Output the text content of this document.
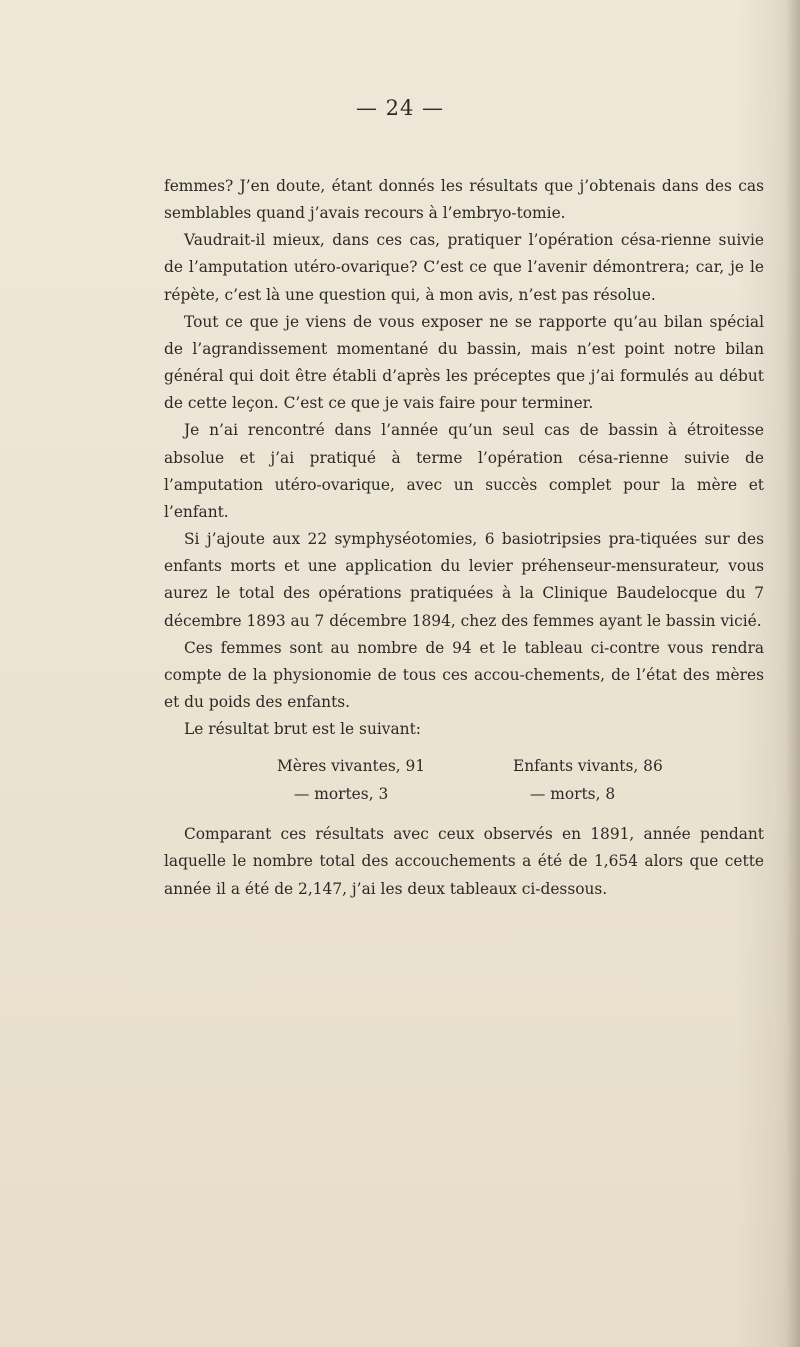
— 24 —

femmes? J’en doute, étant donnés les résultats que j’obtenais dans des cas semblables quand j’avais recours à l’embryo-tomie.

Vaudrait-il mieux, dans ces cas, pratiquer l’opération césa-rienne suivie de l’amputation utéro-ovarique? C’est ce que l’avenir démontrera; car, je le répète, c’est là une question qui, à mon avis, n’est pas résolue.

Tout ce que je viens de vous exposer ne se rapporte qu’au bilan spécial de l’agrandissement momentané du bassin, mais n’est point notre bilan général qui doit être établi d’après les préceptes que j’ai formulés au début de cette leçon. C’est ce que je vais faire pour terminer.

Je n’ai rencontré dans l’année qu’un seul cas de bassin à étroitesse absolue et j’ai pratiqué à terme l’opération césa-rienne suivie de l’amputation utéro-ovarique, avec un succès complet pour la mère et l’enfant.

Si j’ajoute aux 22 symphyséotomies, 6 basiotripsies pra-tiquées sur des enfants morts et une application du levier préhenseur-mensurateur, vous aurez le total des opérations pratiquées à la Clinique Baudelocque du 7 décembre 1893 au 7 décembre 1894, chez des femmes ayant le bassin vicié.

Ces femmes sont au nombre de 94 et le tableau ci-contre vous rendra compte de la physionomie de tous ces accou-chements, de l’état des mères et du poids des enfants.

Le résultat brut est le suivant:

Mères vivantes, 91	Enfants vivants, 86
— mortes, 3	— morts, 8

Comparant ces résultats avec ceux observés en 1891, année pendant laquelle le nombre total des accouchements a été de 1,654 alors que cette année il a été de 2,147, j’ai les deux tableaux ci-dessous.
